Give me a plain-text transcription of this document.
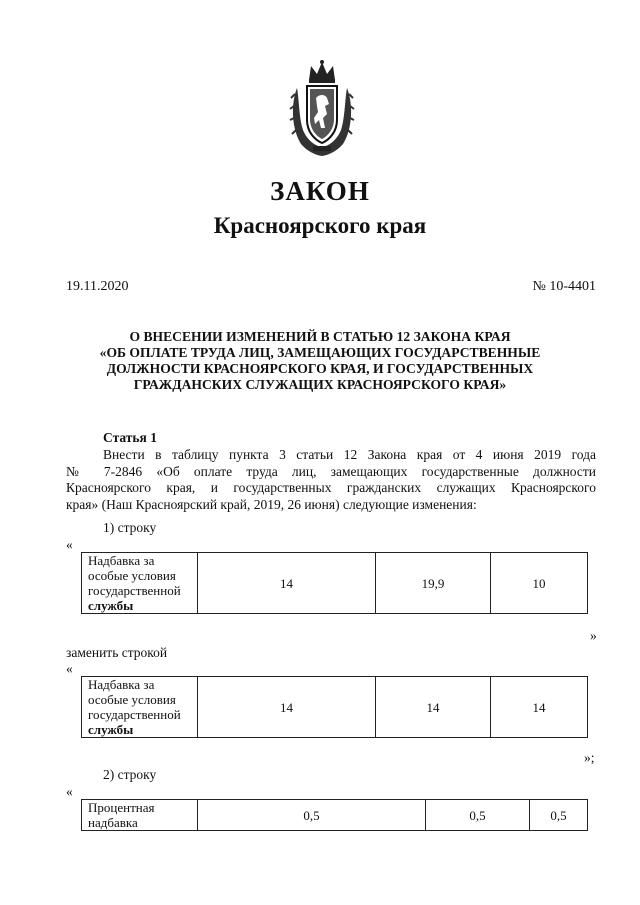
ЗАКОН
Красноярского края
19.11.2020	№ 10-4401
О ВНЕСЕНИИ ИЗМЕНЕНИЙ В СТАТЬЮ 12 ЗАКОНА КРАЯ
«ОБ ОПЛАТЕ ТРУДА ЛИЦ, ЗАМЕЩАЮЩИХ ГОСУДАРСТВЕННЫЕ
ДОЛЖНОСТИ КРАСНОЯРСКОГО КРАЯ, И ГОСУДАРСТВЕННЫХ
ГРАЖДАНСКИХ СЛУЖАЩИХ КРАСНОЯРСКОГО КРАЯ»
Статья 1
Внести в таблицу пункта 3 статьи 12 Закона края от 4 июня 2019 года
№ 7-2846 «Об оплате труда лиц, замещающих государственные должности
Красноярского края, и государственных гражданских служащих Красноярского
края» (Наш Красноярский край, 2019, 26 июня) следующие изменения:
1) строку
«
Надбавка за
особые условия
государственной
службы
	14	19,9	10
»
заменить строкой
«
Надбавка за
особые условия
государственной
службы
	14	14	14
»;
2) строку
«
Процентная
надбавка	0,5	0,5	0,5
